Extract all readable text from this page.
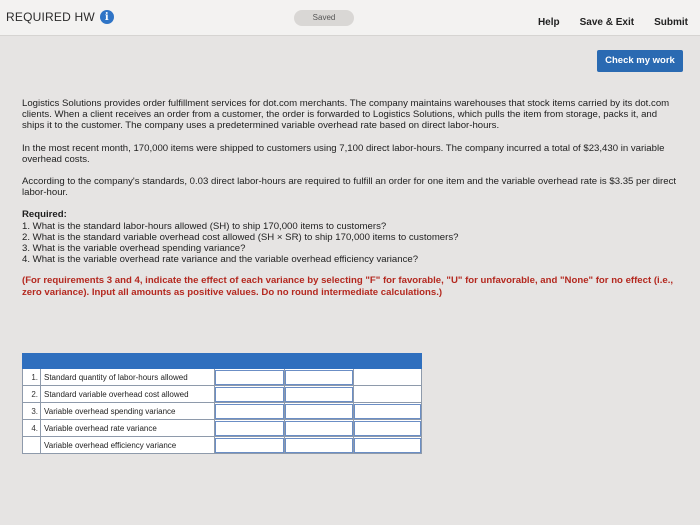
REQUIRED HW	i	Saved	Help Save & Exit Submit
Check my work

Logistics Solutions provides order fulfillment services for dot.com merchants. The company maintains warehouses that stock items carried by its dot.com clients. When a client receives an order from a customer, the order is forwarded to Logistics Solutions, which pulls the item from storage, packs it, and ships it to the customer. The company uses a predetermined variable overhead rate based on direct labor-hours.

In the most recent month, 170,000 items were shipped to customers using 7,100 direct labor-hours. The company incurred a total of $23,430 in variable overhead costs.

According to the company's standards, 0.03 direct labor-hours are required to fulfill an order for one item and the variable overhead rate is $3.35 per direct labor-hour.

Required:

1. What is the standard labor-hours allowed (SH) to ship 170,000 items to customers?

2. What is the standard variable overhead cost allowed (SH × SR) to ship 170,000 items to customers?

3. What is the variable overhead spending variance?

4. What is the variable overhead rate variance and the variable overhead efficiency variance?

(For requirements 3 and 4, indicate the effect of each variance by selecting "F" for favorable, "U" for unfavorable, and "None" for no effect (i.e., zero variance). Input all amounts as positive values. Do no round intermediate calculations.)

1.	Standard quantity of labor-hours allowed			
2.	Standard variable overhead cost allowed			
3.	Variable overhead spending variance			
4.	Variable overhead rate variance			
	Variable overhead efficiency variance			
